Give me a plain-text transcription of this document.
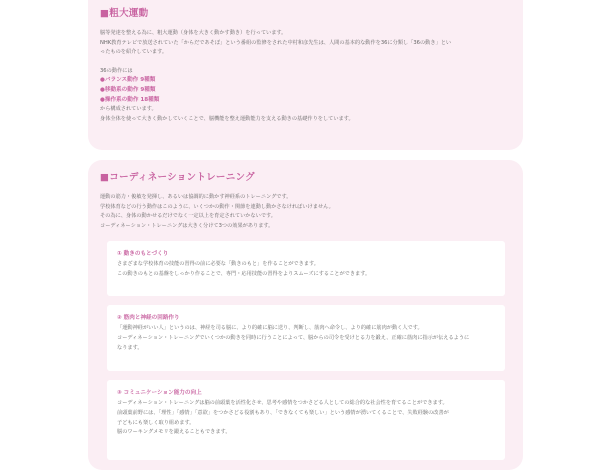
■粗大運動

脳等発達を整える為に、粗大運動（身体を大きく動かす動き）を行っています。

NHK教育テレビで放送されていた「からだであそぼ」という番組の監修をされた中村和彦先生は、人間の基本的な動作を36に分類し「36の動き」とい

ったものを紹介しています。

36の動作には

●バランス動作 9種類

●移動系の動作 9種類

●操作系の動作 18種類

から構成されています。

身体全体を使って大きく動かしていくことで、脳機能を整え運動能力を支える動きの基礎作りをしています。

■コーディネーショントレーニング

運動の筋力・俊敏を発揮し、あるいは協調的に動かす神経系のトレーニングです。

学校体育などの行う動作はこのように、いくつかの動作・関節を連動し動かさなければいけません。

その為に、身体の動かせるだけでなく一定以上を育定されていかないです。

コーディネーション・トレーニングは大きく分けて3つの効果があります。

① 動きのもとづくり

さまざまな学校体育の技能の習得の前に必要な「動きのもと」を作ることができます。

この動きのもとの基盤をしっかり作ることで、専門・応用技能の習得をよりスムーズにすることができます。

② 筋肉と神経の回路作り

「運動神経がいい人」というのは、神経を司る脳に、より的確に脳に送り、判断し、筋肉へ命令し、より的確に筋肉が動く人です。

コーディネーション・トレーニングでいくつかの動きを同時に行うことによって、脳からの司令を受けとる力を鍛え、正確に筋肉に指示が伝えるように

なります。

③ コミュニケーション能力の向上

コーディネーション・トレーニングは脳の前頭葉を活性化させ、思考や感情をつかさどる人としての総合的な社会性を育てることができます。

前頭葉前野には、「理性」「感情」「意欲」をつかさどる役割もあり、「できなくても楽しい」という感情が湧いてくることで、失敗経験の改善が

子どもにも楽しく取り組めます。

脳のワーキングメモリを鍛えることもできます。
